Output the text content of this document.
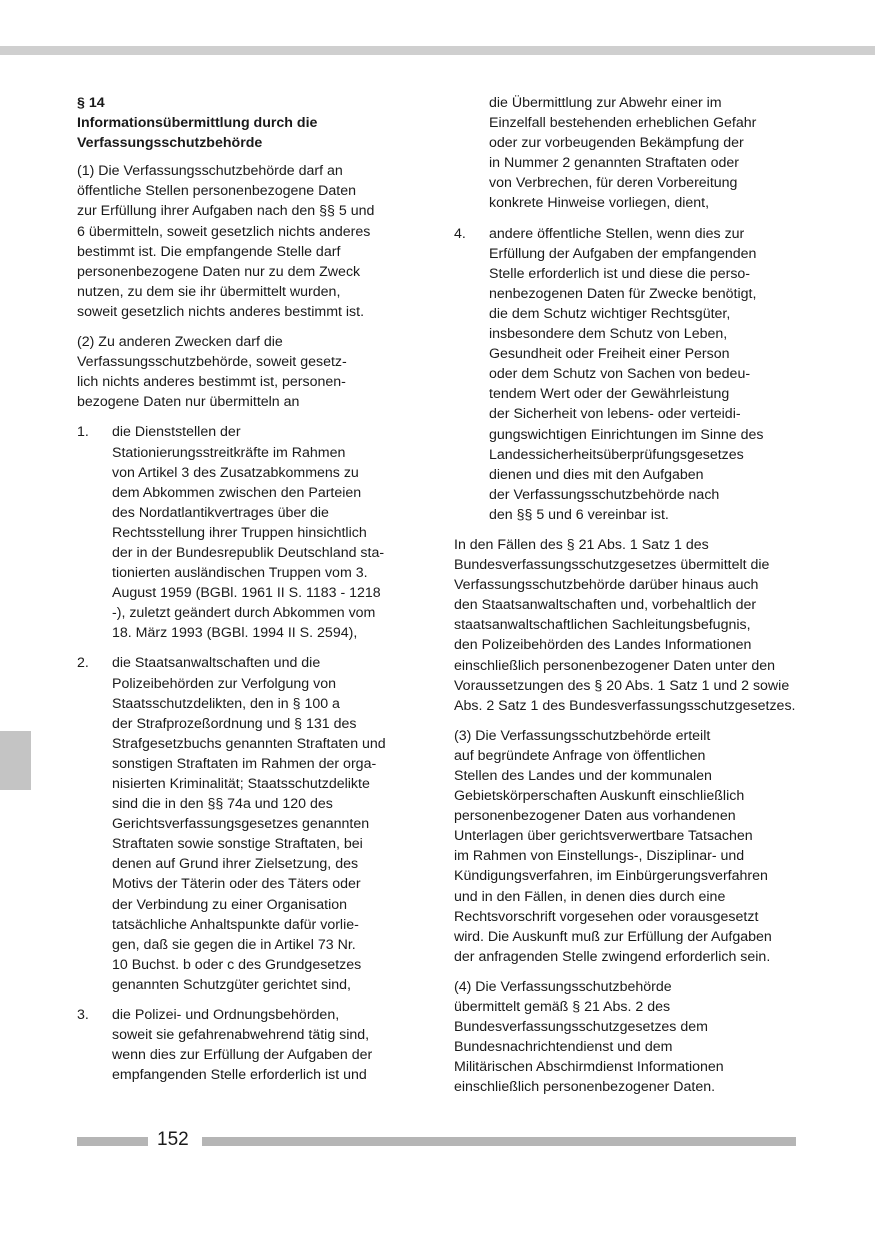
§ 14
Informationsübermittlung durch die
Verfassungsschutzbehörde
(1) Die Verfassungsschutzbehörde darf an
öffentliche Stellen personenbezogene Daten
zur Erfüllung ihrer Aufgaben nach den §§ 5 und
6 übermitteln, soweit gesetzlich nichts anderes
bestimmt ist. Die empfangende Stelle darf
personenbezogene Daten nur zu dem Zweck
nutzen, zu dem sie ihr übermittelt wurden,
soweit gesetzlich nichts anderes bestimmt ist.
(2) Zu anderen Zwecken darf die
Verfassungsschutzbehörde, soweit gesetz-
lich nichts anderes bestimmt ist, personen-
bezogene Daten nur übermitteln an
1. die Dienststellen der
Stationierungsstreitkräfte im Rahmen
von Artikel 3 des Zusatzabkommens zu
dem Abkommen zwischen den Parteien
des Nordatlantikvertrages über die
Rechtsstellung ihrer Truppen hinsichtlich
der in der Bundesrepublik Deutschland sta-
tionierten ausländischen Truppen vom 3.
August 1959 (BGBl. 1961 II S. 1183 - 1218
-), zuletzt geändert durch Abkommen vom
18. März 1993 (BGBl. 1994 II S. 2594),
2. die Staatsanwaltschaften und die
Polizeibehörden zur Verfolgung von
Staatsschutzdelikten, den in § 100 a
der Strafprozeßordnung und § 131 des
Strafgesetzbuchs genannten Straftaten und
sonstigen Straftaten im Rahmen der orga-
nisierten Kriminalität; Staatsschutzdelikte
sind die in den §§ 74a und 120 des
Gerichtsverfassungsgesetzes genannten
Straftaten sowie sonstige Straftaten, bei
denen auf Grund ihrer Zielsetzung, des
Motivs der Täterin oder des Täters oder
der Verbindung zu einer Organisation
tatsächliche Anhaltspunkte dafür vorlie-
gen, daß sie gegen die in Artikel 73 Nr.
10 Buchst. b oder c des Grundgesetzes
genannten Schutzgüter gerichtet sind,
3. die Polizei- und Ordnungsbehörden,
soweit sie gefahrenabwehrend tätig sind,
wenn dies zur Erfüllung der Aufgaben der
empfangenden Stelle erforderlich ist und
die Übermittlung zur Abwehr einer im
Einzelfall bestehenden erheblichen Gefahr
oder zur vorbeugenden Bekämpfung der
in Nummer 2 genannten Straftaten oder
von Verbrechen, für deren Vorbereitung
konkrete Hinweise vorliegen, dient,
4. andere öffentliche Stellen, wenn dies zur
Erfüllung der Aufgaben der empfangenden
Stelle erforderlich ist und diese die perso-
nenbezogenen Daten für Zwecke benötigt,
die dem Schutz wichtiger Rechtsgüter,
insbesondere dem Schutz von Leben,
Gesundheit oder Freiheit einer Person
oder dem Schutz von Sachen von bedeu-
tendem Wert oder der Gewährleistung
der Sicherheit von lebens- oder verteidi-
gungswichtigen Einrichtungen im Sinne des
Landessicherheitsüberprüfungsgesetzes
dienen und dies mit den Aufgaben
der Verfassungsschutzbehörde nach
den §§ 5 und 6 vereinbar ist.
In den Fällen des § 21 Abs. 1 Satz 1 des
Bundesverfassungsschutzgesetzes übermittelt die
Verfassungsschutzbehörde darüber hinaus auch
den Staatsanwaltschaften und, vorbehaltlich der
staatsanwaltschaftlichen Sachleitungsbefugnis,
den Polizeibehörden des Landes Informationen
einschließlich personenbezogener Daten unter den
Voraussetzungen des § 20 Abs. 1 Satz 1 und 2 sowie
Abs. 2 Satz 1 des Bundesverfassungsschutzgesetzes.
(3) Die Verfassungsschutzbehörde erteilt
auf begründete Anfrage von öffentlichen
Stellen des Landes und der kommunalen
Gebietskörperschaften Auskunft einschließlich
personenbezogener Daten aus vorhandenen
Unterlagen über gerichtsverwertbare Tatsachen
im Rahmen von Einstellungs-, Disziplinar- und
Kündigungsverfahren, im Einbürgerungsverfahren
und in den Fällen, in denen dies durch eine
Rechtsvorschrift vorgesehen oder vorausgesetzt
wird. Die Auskunft muß zur Erfüllung der Aufgaben
der anfragenden Stelle zwingend erforderlich sein.
(4) Die Verfassungsschutzbehörde
übermittelt gemäß § 21 Abs. 2 des
Bundesverfassungsschutzgesetzes dem
Bundesnachrichtendienst und dem
Militärischen Abschirmdienst Informationen
einschließlich personenbezogener Daten.
152
